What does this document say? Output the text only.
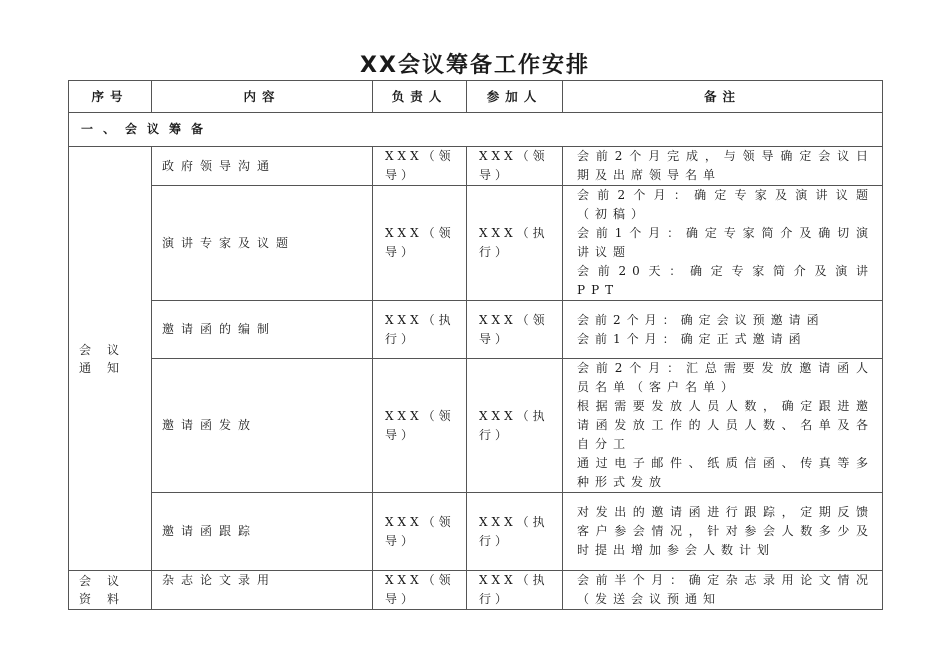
XX会议筹备工作安排
序号	内容	负责人	参加人	备注
一、会议筹备				
会议通知	政府领导沟通	XXX（领导）	XXX（领导）	会前2个月完成，与领导确定会议日期及出席领导名单

	演讲专家及议题	XXX（领导）	XXX（执行）	会前2个月：确定专家及演讲议题（初稿）
会前1个月：确定专家简介及确切演讲议题
会前20天：确定专家简介及演讲PPT

	邀请函的编制	XXX（执行）	XXX（领导）	会前2个月：确定会议预邀请函
会前1个月：确定正式邀请函

	邀请函发放	XXX（领导）	XXX（执行）	会前2个月：汇总需要发放邀请函人员名单（客户名单）
根据需要发放人员人数，确定跟进邀请函发放工作的人员人数、名单及各自分工
通过电子邮件、纸质信函、传真等多种形式发放

	邀请函跟踪	XXX（领导）	XXX（执行）	对发出的邀请函进行跟踪，定期反馈客户参会情况，针对参会人数多少及时提出增加参会人数计划

会议资料	杂志论文录用	XXX（领导）	XXX（执行）	会前半个月：确定杂志录用论文情况（发送会议预通知
